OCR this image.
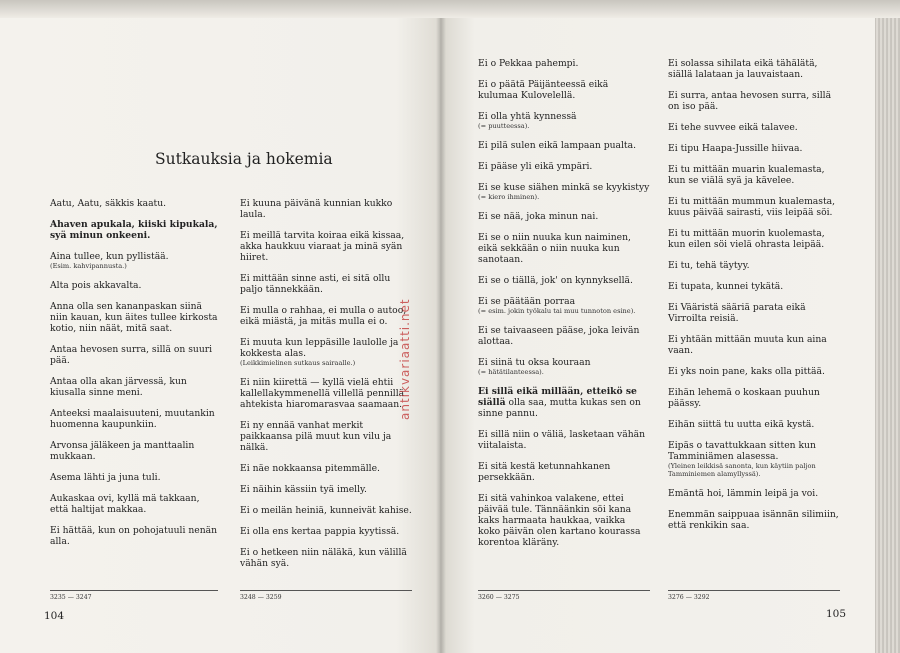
Sutkauksia ja hokemia

Aatu, Aatu, säkkis kaatu.

Ahaven apukala, kiiski kipukala, syä minun onkeeni.

Aina tullee, kun pyllistää.
(Esim. kahvipannusta.)

Alta pois akkavalta.

Anna olla sen kananpaskan siinä niin kauan, kun äites tullee kirkosta kotio, niin näät, mitä saat.

Antaa hevosen surra, sillä on suuri pää.

Antaa olla akan järvessä, kun kiusalla sinne meni.

Anteeksi maalaisuuteni, muutankin huomenna kaupunkiin.

Arvonsa jäläkeen ja manttaalin mukkaan.

Asema lähti ja juna tuli.

Aukaskaa ovi, kyllä mä takkaan, että haltijat makkaa.

Ei hättää, kun on pohojatuuli nenän alla.

Ei kuuna päivänä kunnian kukko laula.

Ei meillä tarvita koiraa eikä kissaa, akka haukkuu viaraat ja minä syän hiiret.

Ei mittään sinne asti, ei sitä ollu paljo tännekkään.

Ei mulla o rahhaa, ei mulla o autoo, eikä miästä, ja mitäs mulla ei o.

Ei muuta kun leppäsille laulolle ja kokkesta alas.
(Leikkimielinen sutkaus sairaalle.)

Ei niin kiirettä — kyllä vielä ehtii kallellakymmenellä villellä pennillä ahtekista hiaromarasvaa saamaan.

Ei ny ennää vanhat merkit paikkaansa pilä muut kun vilu ja nälkä.

Ei näe nokkaansa pitemmälle.

Ei näihin kässiin tyä imelly.

Ei o meilän heiniä, kunneivät kahise.

Ei olla ens kertaa pappia kyytissä.

Ei o hetkeen niin näläkä, kun välillä vähän syä.

Ei o Pekkaa pahempi.

Ei o päätä Päijänteessä eikä kulumaa Kulovelellä.

Ei olla yhtä kynnessä
(= puutteessa).

Ei pilä sulen eikä lampaan pualta.

Ei pääse yli eikä ympäri.

Ei se kuse siähen minkä se kyykistyy
(= kiero ihminen).

Ei se nää, joka minun nai.

Ei se o niin nuuka kun naiminen, eikä sekkään o niin nuuka kun sanotaan.

Ei se o tiällä, jok' on kynnyksellä.

Ei se päätään porraa
(= esim. jokin työkalu tai muu tunnoton esine).

Ei se taivaaseen pääse, joka leivän alottaa.

Ei siinä tu oksa kouraan
(= hätätilanteessa).

Ei sillä eikä millään, etteikö se siällä olla saa, mutta kukas sen on sinne pannu.

Ei sillä niin o väliä, lasketaan vähän viitalaista.

Ei sitä kestä ketunnahkanen persekkään.

Ei sitä vahinkoa valakene, ettei päivää tule. Tännäänkin söi kana kaks harmaata haukkaa, vaikka koko päivän olen kartano kourassa korentoa kläräny.

Ei solassa sihilata eikä tähälätä, siällä lalataan ja lauvaistaan.

Ei surra, antaa hevosen surra, sillä on iso pää.

Ei tehe suvvee eikä talavee.

Ei tipu Haapa-Jussille hiivaa.

Ei tu mittään muarin kualemasta, kun se viälä syä ja kävelee.

Ei tu mittään mummun kualemasta, kuus päivää sairasti, viis leipää söi.

Ei tu mittään muorin kuolemasta, kun eilen söi vielä ohrasta leipää.

Ei tu, tehä täytyy.

Ei tupata, kunnei tykätä.

Ei Vääristä sääriä parata eikä Virroilta reisiä.

Ei yhtään mittään muuta kun aina vaan.

Ei yks noin pane, kaks olla pittää.

Eihän lehemä o koskaan puuhun päässy.

Eihän siittä tu uutta eikä kystä.

Eipäs o tavattukkaan sitten kun Tamminiämen alasessa.
(Yleinen leikkisä sanonta, kun käytiin paljon Tamminiemen alamyllyssä).

Emäntä hoi, lämmin leipä ja voi.

Enemmän saippuaa isännän silimiin, että renkikin saa.

antikvariaatti.net
3235 — 3247	3248 — 3259	3260 — 3275	3276 — 3292
104	105
